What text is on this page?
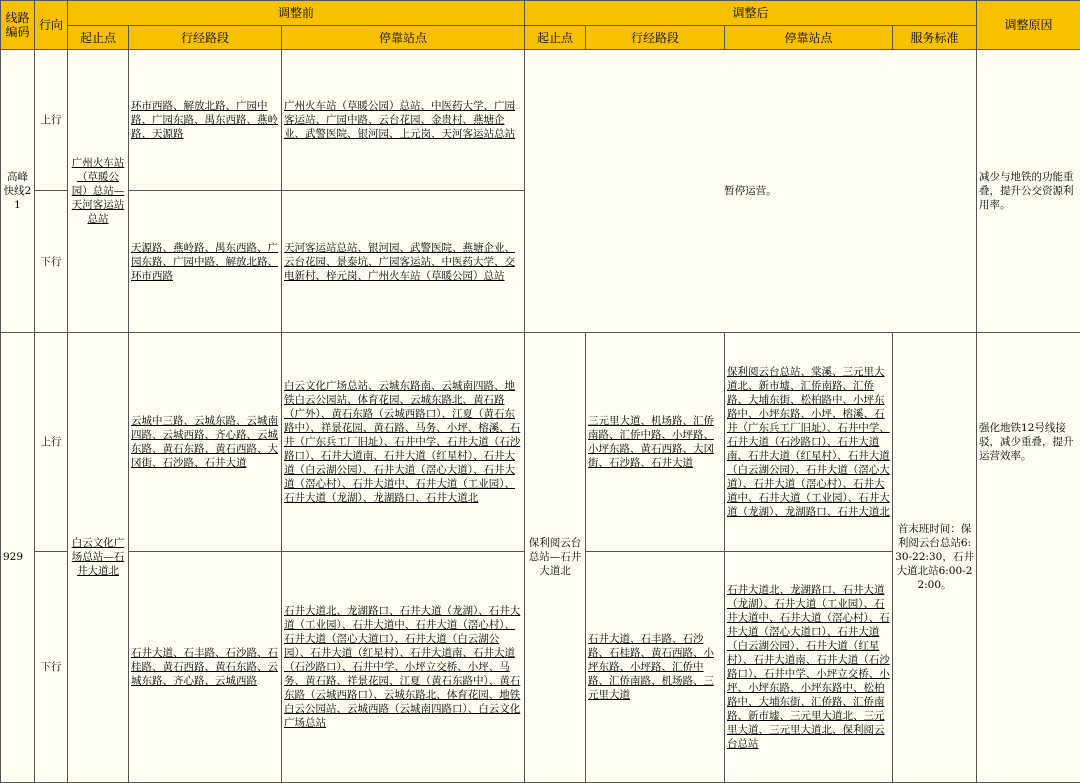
线路编码	行向	调整前			调整后				调整原因
		起止点	行经路段	停靠站点	起止点	行经路段	停靠站点	服务标准	
高峰快线21	上行	广州火车站（草暖公园）总站—天河客运站总站	环市西路、解放北路、广园中路、广园东路、禺东西路、燕岭路、天源路	广州火车站（草暖公园）总站、中医药大学、广园客运站、广园中路、云台花园、金贵村、燕塘企业、武警医院、银河园、上元岗、天河客运站总站	暂停运营。				减少与地铁的功能重叠，提升公交资源利用率。
	下行		天源路、燕岭路、禺东西路、广园东路、广园中路、解放北路、环市西路	天河客运站总站、银河园、武警医院、燕塘企业、云台花园、景泰坑、广园客运站、中医药大学、交电新村、梓元岗、广州火车站（草暖公园）总站					
929	上行	白云文化广场总站—石井大道北	云城中三路、云城东路、云城南四路、云城西路、齐心路、云城东路、黄石东路、黄石西路、大冈街、石沙路、石井大道	白云文化广场总站、云城东路南、云城南四路、地铁白云公园站、体育花园、云城东路北、黄石路（广外）、黄石东路（云城西路口）、江夏（黄石东路中）、祥景花园、黄石路、马务、小坪、榕溪、石井（广东兵工厂旧址）、石井中学、石井大道（石沙路口）、石井大道南、石井大道（红星村）、石井大道（白云湖公园）、石井大道（滘心大道）、石井大道（滘心村）、石井大道中、石井大道（工业园）、石井大道（龙湖）、龙湖路口、石井大道北	保利阅云台总站—石井大道北	三元里大道、机场路、汇侨南路、汇侨中路、小坪路、小坪东路、黄石西路、大冈街、石沙路、石井大道	保利阅云台总站、棠溪、三元里大道北、新市墟、汇侨南路、汇侨路、大埔东街、松柏路中、小坪东路中、小坪东路、小坪、榕溪、石井（广东兵工厂旧址）、石井中学、石井大道（石沙路口）、石井大道南、石井大道（红星村）、石井大道（白云湖公园）、石井大道（滘心大道）、石井大道（滘心村）、石井大道中、石井大道（工业园）、石井大道（龙湖）、龙湖路口、石井大道北	首末班时间：保利阅云台总站6:30-22:30，石井大道北站6:00-22:00。	强化地铁12号线接驳，减少重叠，提升运营效率。
	下行		石井大道、石丰路、石沙路、石桂路、黄石西路、黄石东路、云城东路、齐心路、云城西路	石井大道北、龙湖路口、石井大道（龙湖）、石井大道（工业园）、石井大道中、石井大道（滘心村）、石井大道（滘心大道口）、石井大道（白云湖公园）、石井大道（红星村）、石井大道南、石井大道（石沙路口）、石井中学、小坪立交桥、小坪、马务、黄石路、祥景花园、江夏（黄石东路中）、黄石东路（云城西路口）、云城东路北、体育花园、地铁白云公园站、云城西路（云城南四路口）、白云文化广场总站		石井大道、石丰路、石沙路、石桂路、黄石西路、小坪东路、小坪路、汇侨中路、汇侨南路、机场路、三元里大道	石井大道北、龙湖路口、石井大道（龙湖）、石井大道（工业园）、石井大道中、石井大道（滘心村）、石井大道（滘心大道口）、石井大道（白云湖公园）、石井大道（红星村）、石井大道南、石井大道（石沙路口）、石井中学、小坪立交桥、小坪、小坪东路、小坪东路中、松柏路中、大埔东街、汇侨路、汇侨南路、新市墟、三元里大道北、三元里大道、三元里大道北、保利阅云台总站		
